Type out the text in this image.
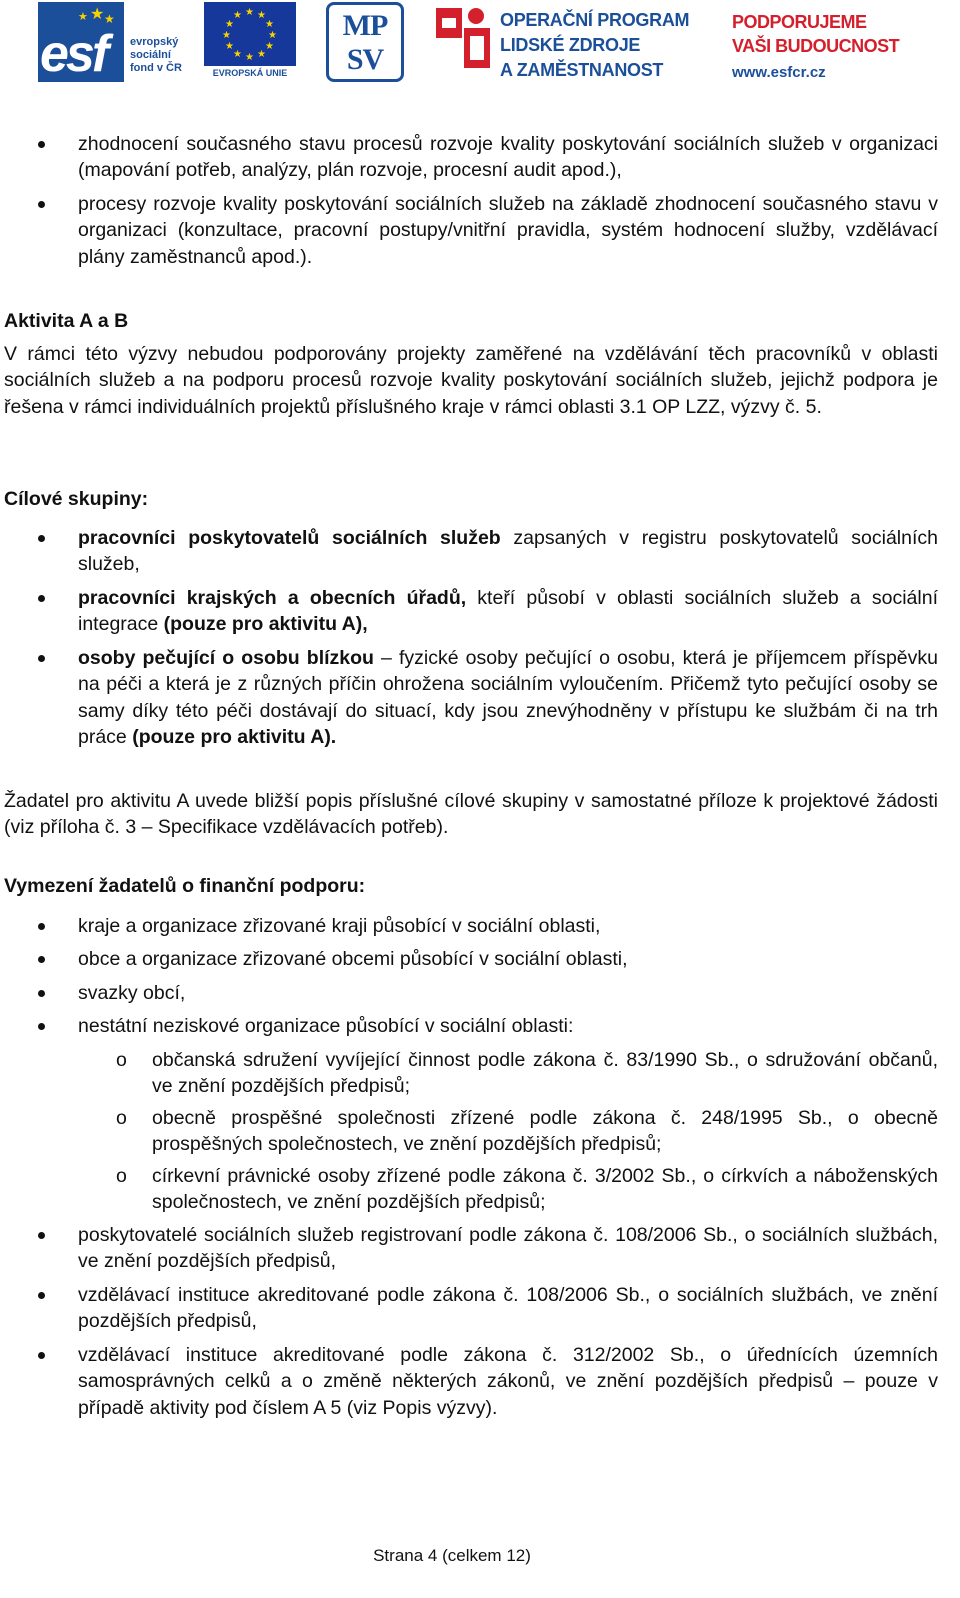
★ ★
★
esf evropský
sociální
fond v ČR
★ ★
★
★
★
★
★
★
★
★
★
★
EVROPSKÁ UNIE
MP
SV
OPERAČNÍ PROGRAM
LIDSKÉ ZDROJE
A ZAMĚSTNANOST
PODPORUJEME
VAŠI BUDOUCNOST
www.esfcr.cz
zhodnocení současného stavu procesů rozvoje kvality poskytování sociálních služeb v organizaci (mapování potřeb, analýzy, plán rozvoje, procesní audit apod.),
procesy rozvoje kvality poskytování sociálních služeb na základě zhodnocení současného stavu v organizaci (konzultace, pracovní postupy/vnitřní pravidla, systém hodnocení služby, vzdělávací plány zaměstnanců apod.).
Aktivita A a B
V rámci této výzvy nebudou podporovány projekty zaměřené na vzdělávání těch pracovníků v oblasti sociálních služeb a na podporu procesů rozvoje kvality poskytování sociálních služeb, jejichž podpora je řešena v rámci individuálních projektů příslušného kraje v rámci oblasti 3.1 OP LZZ, výzvy č. 5.
Cílové skupiny:
pracovníci poskytovatelů sociálních služeb zapsaných v registru poskytovatelů sociálních služeb,
pracovníci krajských a obecních úřadů, kteří působí v oblasti sociálních služeb a sociální integrace (pouze pro aktivitu A),
osoby pečující o osobu blízkou – fyzické osoby pečující o osobu, která je příjemcem příspěvku na péči a která je z různých příčin ohrožena sociálním vyloučením. Přičemž tyto pečující osoby se samy díky této péči dostávají do situací, kdy jsou znevýhodněny v přístupu ke službám či na trh práce (pouze pro aktivitu A).
Žadatel pro aktivitu A uvede bližší popis příslušné cílové skupiny v samostatné příloze k projektové žádosti (viz příloha č. 3 – Specifikace vzdělávacích potřeb).
Vymezení žadatelů o finanční podporu:
kraje a organizace zřizované kraji působící v sociální oblasti,
obce a organizace zřizované obcemi působící v sociální oblasti,
svazky obcí,
nestátní neziskové organizace působící v sociální oblasti:
o občanská sdružení vyvíjející činnost podle zákona č. 83/1990 Sb., o sdružování občanů, ve znění pozdějších předpisů;
o obecně prospěšné společnosti zřízené podle zákona č. 248/1995 Sb., o obecně prospěšných společnostech, ve znění pozdějších předpisů;
o církevní právnické osoby zřízené podle zákona č. 3/2002 Sb., o církvích a náboženských společnostech, ve znění pozdějších předpisů;
poskytovatelé sociálních služeb registrovaní podle zákona č. 108/2006 Sb., o sociálních službách, ve znění pozdějších předpisů,
vzdělávací instituce akreditované podle zákona č. 108/2006 Sb., o sociálních službách, ve znění pozdějších předpisů,
vzdělávací instituce akreditované podle zákona č. 312/2002 Sb., o úřednících územních samosprávných celků a o změně některých zákonů, ve znění pozdějších předpisů – pouze v případě aktivity pod číslem A 5 (viz Popis výzvy).
Strana 4 (celkem 12)
